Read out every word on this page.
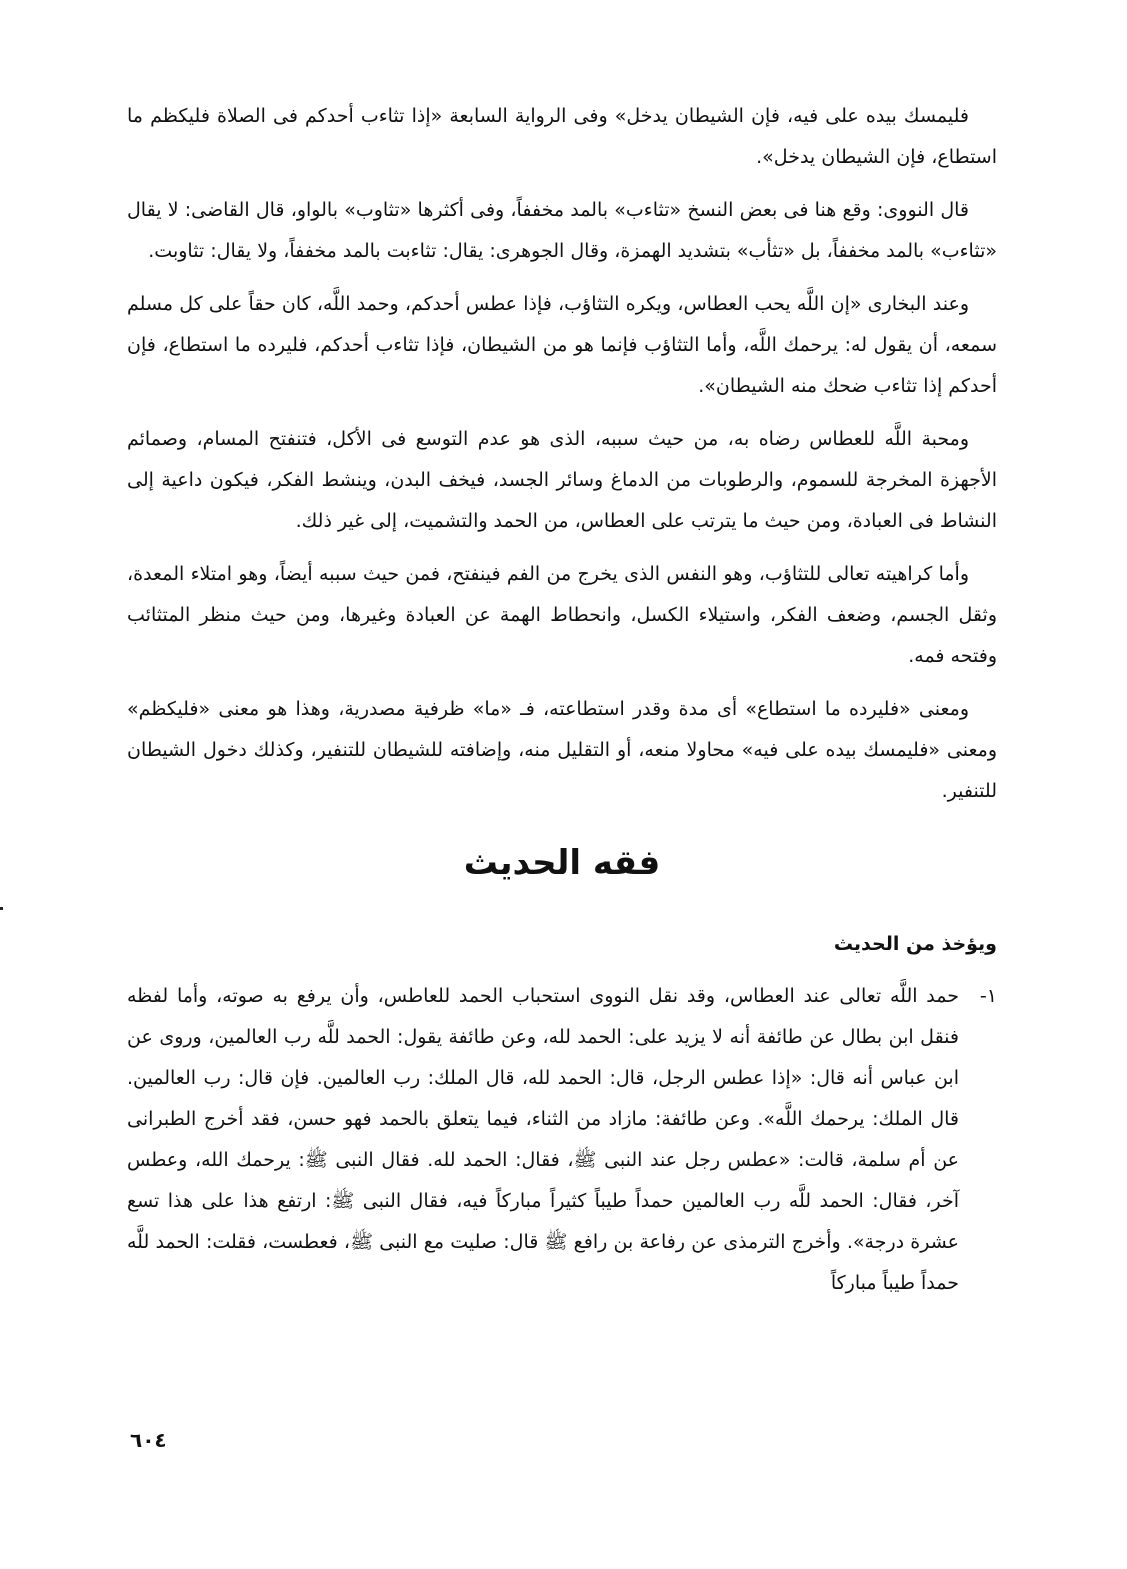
فليمسك بيده على فيه، فإن الشيطان يدخل» وفى الرواية السابعة «إذا تثاءب أحدكم فى الصلاة فليكظم ما استطاع، فإن الشيطان يدخل».

قال النووى: وقع هنا فى بعض النسخ «تثاءب» بالمد مخففاً، وفى أكثرها «تثاوب» بالواو، قال القاضى: لا يقال «تثاءب» بالمد مخففاً، بل «تثأب» بتشديد الهمزة، وقال الجوهرى: يقال: تثاءبت بالمد مخففاً، ولا يقال: تثاوبت.

وعند البخارى «إن اللَّه يحب العطاس، ويكره التثاؤب، فإذا عطس أحدكم، وحمد اللَّه، كان حقاً على كل مسلم سمعه، أن يقول له: يرحمك اللَّه، وأما التثاؤب فإنما هو من الشيطان، فإذا تثاءب أحدكم، فليرده ما استطاع، فإن أحدكم إذا تثاءب ضحك منه الشيطان».

ومحبة اللَّه للعطاس رضاه به، من حيث سببه، الذى هو عدم التوسع فى الأكل، فتنفتح المسام، وصمائم الأجهزة المخرجة للسموم، والرطوبات من الدماغ وسائر الجسد، فيخف البدن، وينشط الفكر، فيكون داعية إلى النشاط فى العبادة، ومن حيث ما يترتب على العطاس، من الحمد والتشميت، إلى غير ذلك.

وأما كراهيته تعالى للتثاؤب، وهو النفس الذى يخرج من الفم فينفتح، فمن حيث سببه أيضاً، وهو امتلاء المعدة، وثقل الجسم، وضعف الفكر، واستيلاء الكسل، وانحطاط الهمة عن العبادة وغيرها، ومن حيث منظر المتثائب وفتحه فمه.

ومعنى «فليرده ما استطاع» أى مدة وقدر استطاعته، فـ «ما» ظرفية مصدرية، وهذا هو معنى «فليكظم» ومعنى «فليمسك بيده على فيه» محاولا منعه، أو التقليل منه، وإضافته للشيطان للتنفير، وكذلك دخول الشيطان للتنفير.

فقه الحديث
ويؤخذ من الحديث
١-

حمد اللَّه تعالى عند العطاس، وقد نقل النووى استحباب الحمد للعاطس، وأن يرفع به صوته، وأما لفظه فنقل ابن بطال عن طائفة أنه لا يزيد على: الحمد لله، وعن طائفة يقول: الحمد للَّه رب العالمين، وروى عن ابن عباس أنه قال: «إذا عطس الرجل، قال: الحمد لله، قال الملك: رب العالمين. فإن قال: رب العالمين. قال الملك: يرحمك اللَّه». وعن طائفة: مازاد من الثناء، فيما يتعلق بالحمد فهو حسن، فقد أخرج الطبرانى عن أم سلمة، قالت: «عطس رجل عند النبى ﷺ، فقال: الحمد لله. فقال النبى ﷺ: يرحمك الله، وعطس آخر، فقال: الحمد للَّه رب العالمين حمداً طيباً كثيراً مباركاً فيه، فقال النبى ﷺ: ارتفع هذا على هذا تسع عشرة درجة». وأخرج الترمذى عن رفاعة بن رافع ﷺ قال: صليت مع النبى ﷺ، فعطست، فقلت: الحمد للَّه حمداً طيباً مباركاً

٦٠٤
